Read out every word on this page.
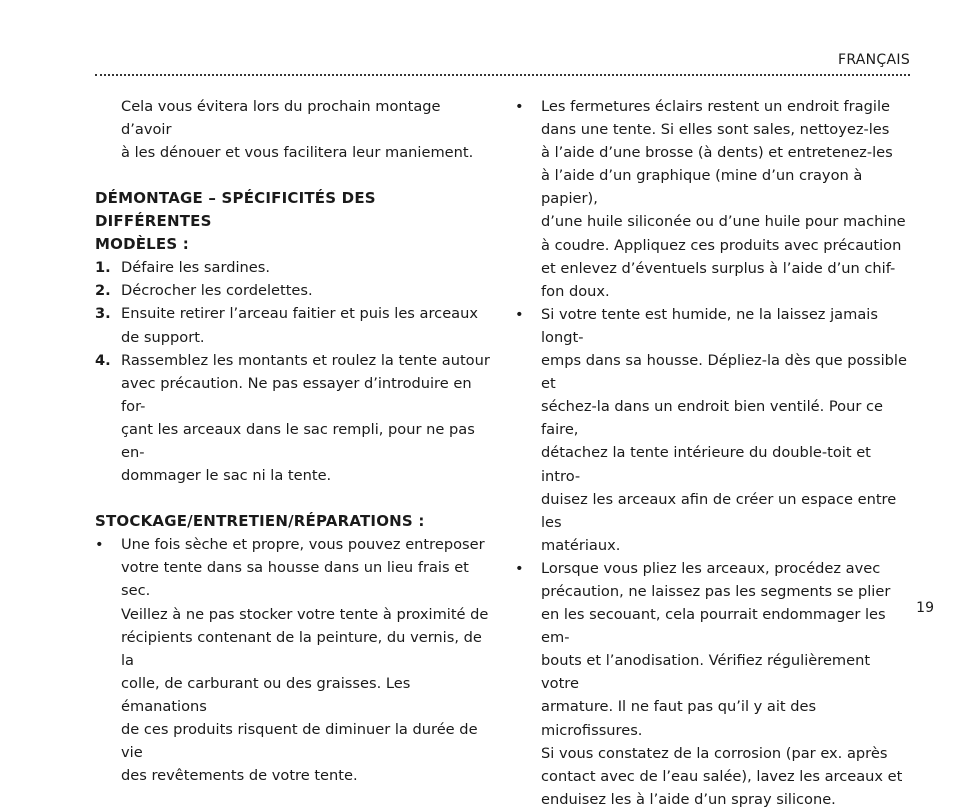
FRANÇAIS
Cela vous évitera lors du prochain montage d’avoir
à les dénouer et vous facilitera leur maniement.
DÉMONTAGE – SPÉCIFICITÉS DES DIFFÉRENTES
MODÈLES :
1. Défaire les sardines.
2. Décrocher les cordelettes.
3. Ensuite retirer l’arceau faitier et puis les arceaux
de support.
4. Rassemblez les montants et roulez la tente autour
avec précaution. Ne pas essayer d’introduire en for-
çant les arceaux dans le sac rempli, pour ne pas en-
dommager le sac ni la tente.
STOCKAGE/ENTRETIEN/RÉPARATIONS :
• Une fois sèche et propre, vous pouvez entreposer
votre tente dans sa housse dans un lieu frais et sec.
Veillez à ne pas stocker votre tente à proximité de
récipients contenant de la peinture, du vernis, de la
colle, de carburant ou des graisses. Les émanations
de ces produits risquent de diminuer la durée de vie
des revêtements de votre tente.
• Les fermetures éclairs restent un endroit fragile
dans une tente. Si elles sont sales, nettoyez-les
à l’aide d’une brosse (à dents) et entretenez-les
à l’aide d’un graphique (mine d’un crayon à papier),
d’une huile siliconée ou d’une huile pour machine
à coudre. Appliquez ces produits avec précaution
et enlevez d’éventuels surplus à l’aide d’un chif-
fon doux.
• Si votre tente est humide, ne la laissez jamais longt-
emps dans sa housse. Dépliez-la dès que possible et
séchez-la dans un endroit bien ventilé. Pour ce faire,
détachez la tente intérieure du double-toit et intro-
duisez les arceaux afin de créer un espace entre les
matériaux.
• Lorsque vous pliez les arceaux, procédez avec
précaution, ne laissez pas les segments se plier
en les secouant, cela pourrait endommager les em-
bouts et l’anodisation. Vérifiez régulièrement votre
armature. Il ne faut pas qu’il y ait des microfissures.
Si vous constatez de la corrosion (par ex. après
contact avec de l’eau salée), lavez les arceaux et
enduisez les à l’aide d’un spray silicone.
19
